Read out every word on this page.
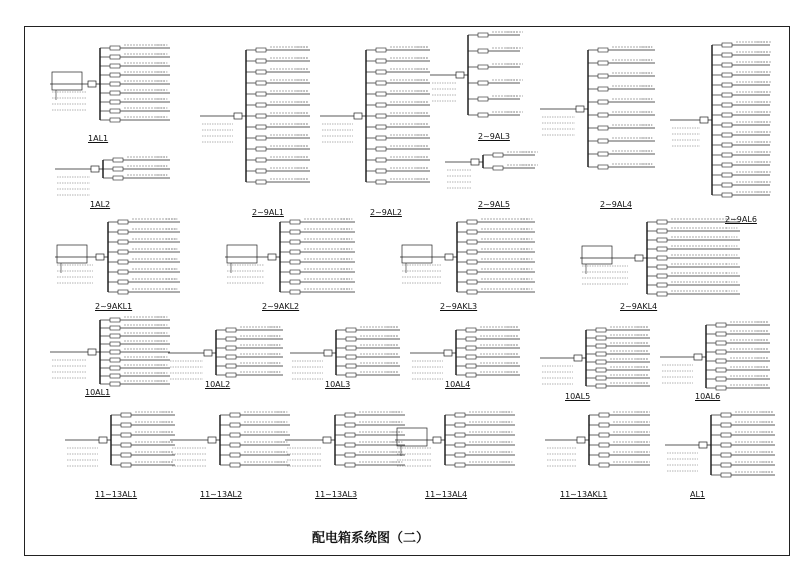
配电箱系统图（二）
1AL1
1AL2
2~9AL1	2~9AL2
2~9AL3
2~9AL5	2~9AL4
2~9AL6
2~9AKL1	2~9AKL2	2~9AKL3	2~9AKL4
10AL1
10AL2	10AL3	10AL4
10AL5	10AL6
11~13AL1	11~13AL2	11~13AL3	11~13AL4	11~13AKL1	AL1
